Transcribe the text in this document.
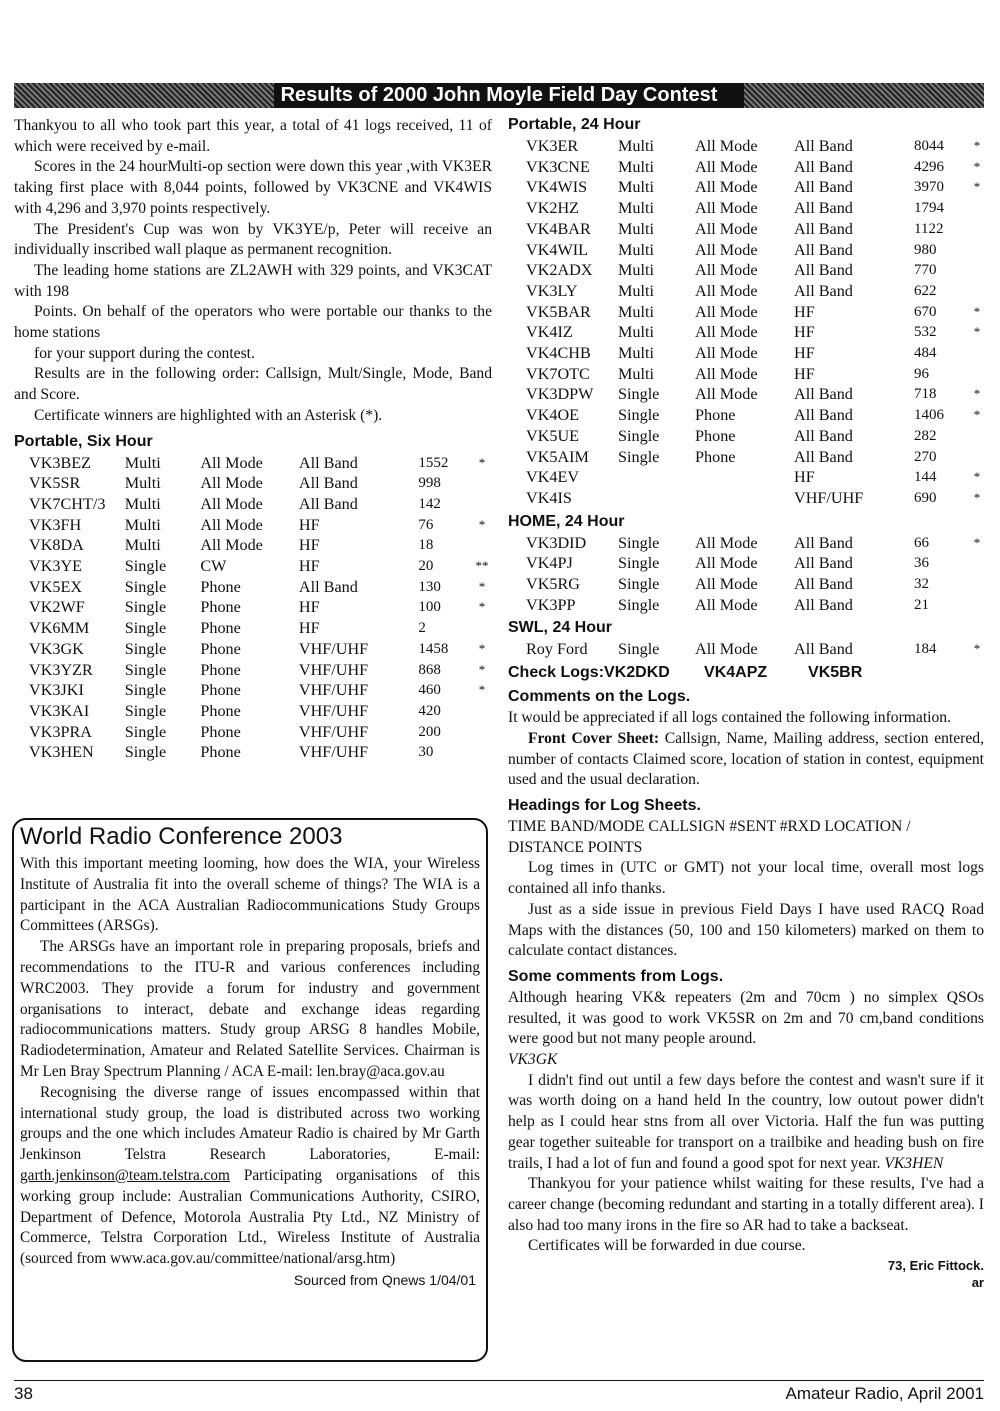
Results of 2000 John Moyle Field Day Contest

Thankyou to all who took part this year, a total of 41 logs received, 11 of which were received by e-mail.

Scores in the 24 hourMulti-op section were down this year ,with VK3ER taking first place with 8,044 points, followed by VK3CNE and VK4WIS with 4,296 and 3,970 points respectively.

The President's Cup was won by VK3YE/p, Peter will receive an individually inscribed wall plaque as permanent recognition.

The leading home stations are ZL2AWH with 329 points, and VK3CAT with 198

Points. On behalf of the operators who were portable our thanks to the home stations

for your support during the contest.

Results are in the following order: Callsign, Mult/Single, Mode, Band and Score.

Certificate winners are highlighted with an Asterisk (*).

Portable, Six Hour
VK3BEZ	Multi	All Mode	All Band	1552	*
VK5SR	Multi	All Mode	All Band	998	
VK7CHT/3	Multi	All Mode	All Band	142	
VK3FH	Multi	All Mode	HF	76	*
VK8DA	Multi	All Mode	HF	18	
VK3YE	Single	CW	HF	20	**
VK5EX	Single	Phone	All Band	130	*
VK2WF	Single	Phone	HF	100	*
VK6MM	Single	Phone	HF	2	
VK3GK	Single	Phone	VHF/UHF	1458	*
VK3YZR	Single	Phone	VHF/UHF	868	*
VK3JKI	Single	Phone	VHF/UHF	460	*
VK3KAI	Single	Phone	VHF/UHF	420	
VK3PRA	Single	Phone	VHF/UHF	200	
VK3HEN	Single	Phone	VHF/UHF	30	
World Radio Conference 2003

With this important meeting looming, how does the WIA, your Wireless Institute of Australia fit into the overall scheme of things? The WIA is a participant in the ACA Australian Radiocommunications Study Groups Committees (ARSGs).

The ARSGs have an important role in preparing proposals, briefs and recommendations to the ITU-R and various conferences including WRC2003. They provide a forum for industry and government organisations to interact, debate and exchange ideas regarding radiocommunications matters. Study group ARSG 8 handles Mobile, Radiodetermination, Amateur and Related Satellite Services. Chairman is Mr Len Bray Spectrum Planning / ACA E-mail: len.bray@aca.gov.au

Recognising the diverse range of issues encompassed within that international study group, the load is distributed across two working groups and the one which includes Amateur Radio is chaired by Mr Garth Jenkinson Telstra Research Laboratories, E-mail: garth.jenkinson@team.telstra.com Participating organisations of this working group include: Australian Communications Authority, CSIRO, Department of Defence, Motorola Australia Pty Ltd., NZ Ministry of Commerce, Telstra Corporation Ltd., Wireless Institute of Australia (sourced from www.aca.gov.au/committee/national/arsg.htm)

Sourced from Qnews 1/04/01
Portable, 24 Hour
VK3ER	Multi	All Mode	All Band	8044	*
VK3CNE	Multi	All Mode	All Band	4296	*
VK4WIS	Multi	All Mode	All Band	3970	*
VK2HZ	Multi	All Mode	All Band	1794	
VK4BAR	Multi	All Mode	All Band	1122	
VK4WIL	Multi	All Mode	All Band	980	
VK2ADX	Multi	All Mode	All Band	770	
VK3LY	Multi	All Mode	All Band	622	
VK5BAR	Multi	All Mode	HF	670	*
VK4IZ	Multi	All Mode	HF	532	*
VK4CHB	Multi	All Mode	HF	484	
VK7OTC	Multi	All Mode	HF	96	
VK3DPW	Single	All Mode	All Band	718	*
VK4OE	Single	Phone	All Band	1406	*
VK5UE	Single	Phone	All Band	282	
VK5AIM	Single	Phone	All Band	270	
VK4EV			HF	144	*
VK4IS			VHF/UHF	690	*
HOME, 24 Hour
VK3DID	Single	All Mode	All Band	66	*
VK4PJ	Single	All Mode	All Band	36	
VK5RG	Single	All Mode	All Band	32	
VK3PP	Single	All Mode	All Band	21	
SWL, 24 Hour
Roy Ford	Single	All Mode	All Band	184	*
Check Logs:VK2DKD VK4APZ	VK5BR
Comments on the Logs.

It would be appreciated if all logs contained the following information.

Front Cover Sheet: Callsign, Name, Mailing address, section entered, number of contacts Claimed score, location of station in contest, equipment used and the usual declaration.

Headings for Log Sheets.

TIME BAND/MODE CALLSIGN #SENT #RXD LOCATION / DISTANCE POINTS

Log times in (UTC or GMT) not your local time, overall most logs contained all info thanks.

Just as a side issue in previous Field Days I have used RACQ Road Maps with the distances (50, 100 and 150 kilometers) marked on them to calculate contact distances.

Some comments from Logs.

Although hearing VK& repeaters (2m and 70cm ) no simplex QSOs resulted, it was good to work VK5SR on 2m and 70 cm,band conditions were good but not many people around.

VK3GK

I didn't find out until a few days before the contest and wasn't sure if it was worth doing on a hand held In the country, low outout power didn't help as I could hear stns from all over Victoria. Half the fun was putting gear together suiteable for transport on a trailbike and heading bush on fire trails, I had a lot of fun and found a good spot for next year. VK3HEN

Thankyou for your patience whilst waiting for these results, I've had a career change (becoming redundant and starting in a totally different area). I also had too many irons in the fire so AR had to take a backseat.

Certificates will be forwarded in due course.

73, Eric Fittock.
ar
38	Amateur Radio, April 2001
